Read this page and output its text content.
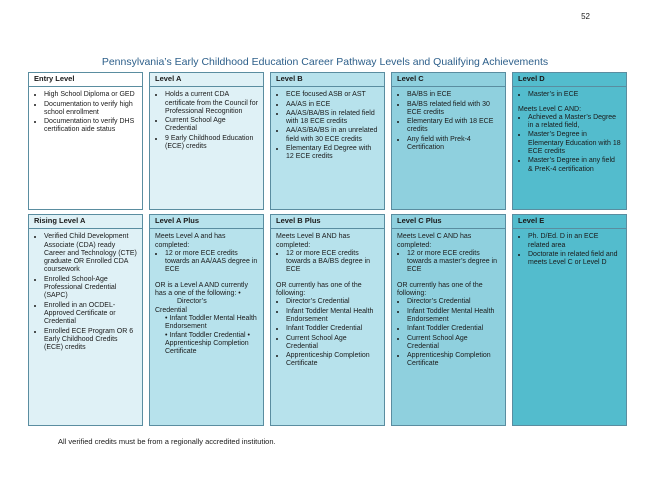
52
Pennsylvania’s Early Childhood Education Career Pathway Levels and Qualifying Achievements
Entry Level
• High School Diploma or GED
• Documentation to verify high school enrollment
• Documentation to verify DHS certification aide status
Level A
• Holds a current CDA certificate from the Council for Professional Recognition
• Current School Age Credential
• 9 Early Childhood Education (ECE) credits
Level B
• ECE focused ASB or AST
• AA/AS in ECE
• AA/AS/BA/BS in related field with 18 ECE credits
• AA/AS/BA/BS in an unrelated field with 30 ECE credits
• Elementary Ed Degree with 12 ECE credits
Level C
• BA/BS in ECE
• BA/BS related field with 30 ECE credits
• Elementary Ed with 18 ECE credits
• Any field with Prek-4 Certification
Level D
• Master’s in ECE
Meets Level C AND:
• Achieved a Master’s Degree in a related field,
• Master’s Degree in Elementary Education with 18 ECE credits
• Master’s Degree in any field & PreK-4 certification
Rising Level A
• Verified Child Development Associate (CDA) ready Career and Technology (CTE) graduate OR Enrolled CDA coursework
• Enrolled School-Age Professional Credential (SAPC)
• Enrolled in an OCDEL-Approved Certificate or Credential
• Enrolled ECE Program OR 6 Early Childhood Credits (ECE) credits
Level A Plus
Meets Level A and has completed:
• 12 or more ECE credits towards an AA/AAS degree in ECE
OR is a Level A AND currently has a one of the following: •
Director’s
Credential
• Infant Toddler Mental Health Endorsement
• Infant Toddler Credential •
Apprenticeship Completion Certificate
Level B Plus
Meets Level B AND has completed:
• 12 or more ECE credits towards a BA/BS degree in ECE
OR currently has one of the following:
• Director’s Credential
• Infant Toddler Mental Health Endorsement
• Infant Toddler Credential
• Current School Age Credential
• Apprenticeship Completion Certificate
Level C Plus
Meets Level C AND has completed:
• 12 or more ECE credits towards a master’s degree in ECE
OR currently has one of the following:
• Director’s Credential
• Infant Toddler Mental Health Endorsement
• Infant Toddler Credential
• Current School Age Credential
• Apprenticeship Completion Certificate
Level E
• Ph. D/Ed. D in an ECE related area
• Doctorate in related field and meets Level C or Level D
All verified credits must be from a regionally accredited institution.
